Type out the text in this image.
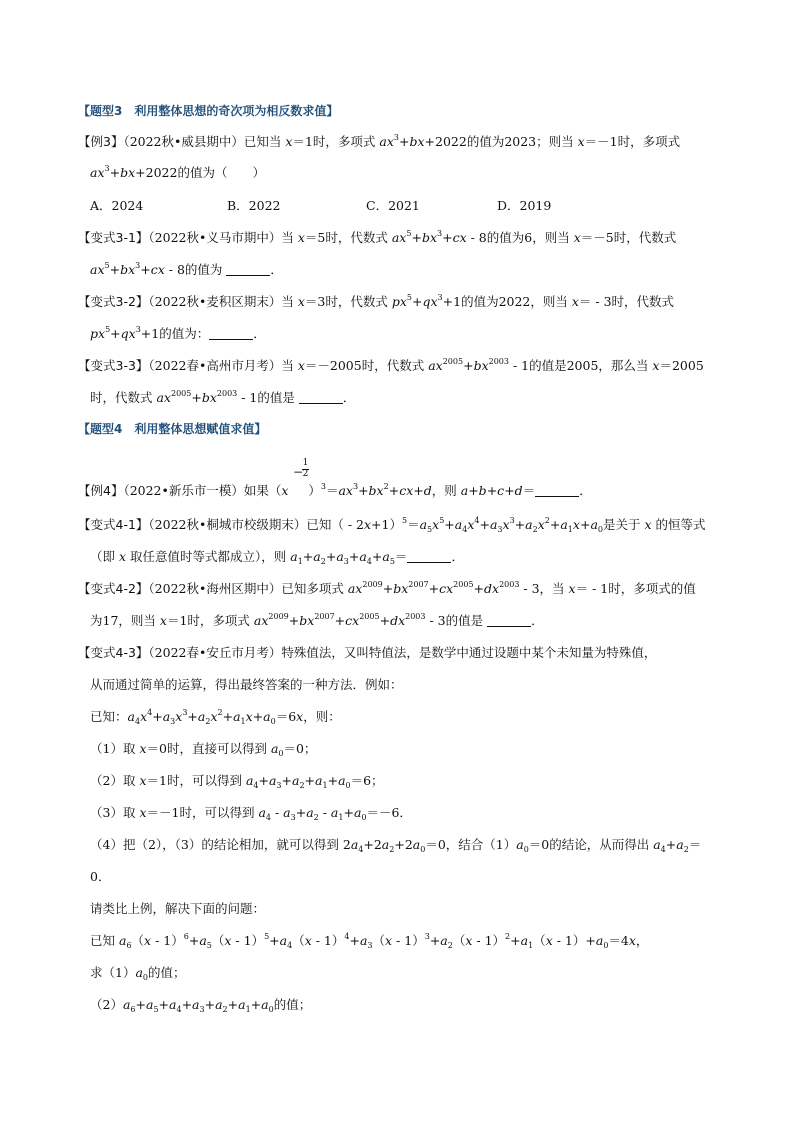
【题型3　利用整体思想的奇次项为相反数求值】
【例3】（2022秋•威县期中）已知当 x＝1时，多项式 $ax^3+bx+2022$的值为2023；则当 x＝－1时，多项式
$ax^3+bx+2022$的值为（　　）
A．2024	B．2022	C．2021	D．2019
【变式3-1】（2022秋•义马市期中）当 x＝5时，代数式 $ax^5+bx^3+cx - 8$的值为6，则当 x＝－5时，代数式
$ax^5+bx^3+cx - 8$的值为	．
【变式3-2】（2022秋•麦积区期末）当 x＝3时，代数式 $px^5+qx^3+1$的值为2022，则当 x＝ - 3时，代数式
$px^5+qx^3+1$的值为：	．
【变式3-3】（2022春•高州市月考）当 x＝－2005时，代数式 $ax^{2005}+bx^{2003} - 1$的值是2005，那么当 x＝2005
时，代数式 $ax^{2005}+bx^{2003} - 1$的值是	．
【题型4　利用整体思想赋值求值】
−
1
2
【例4】（2022•新乐市一模）如果（x     ）$^3=ax^3+bx^2+cx+d$，则 a+b+c+d＝	．
【变式4-1】（2022秋•桐城市校级期末）已知（ - $2x+1)^5=a_5x^5+a_4x^4+a_3x^3+a_2x^2+a_1x+a_0$是关于 x 的恒等式
（即 x 取任意值时等式都成立），则 $a_1+a_2+a_3+a_4+a_5=$	．
【变式4-2】（2022秋•海州区期中）已知多项式 $ax^{2009}+bx^{2007}+cx^{2005}+dx^{2003} - 3$，当 x＝ - 1时，多项式的值
为17，则当 x＝1时，多项式 $ax^{2009}+bx^{2007}+cx^{2005}+dx^{2003} - 3$的值是	．
【变式4-3】（2022春•安丘市月考）特殊值法，又叫特值法，是数学中通过设题中某个未知量为特殊值，
从而通过简单的运算，得出最终答案的一种方法．例如：
已知：$a_4x^4+a_3x^3+a_2x^2+a_1x+a_0=6x$，则：
（1）取 x＝0时，直接可以得到 $a_0=0$；
（2）取 x＝1时，可以得到 $a_4+a_3+a_2+a_1+a_0=6$；
（3）取 x＝－1时，可以得到 $a_4 - a_3+a_2 - a_1+a_0=-6$．
（4）把（2），（3）的结论相加，就可以得到 $2a_4+2a_2+2a_0=0$，结合$(1)a_0=0$的结论，从而得出 $a_4+a_2=$
0．
请类比上例，解决下面的问题：
已知 $a_6(x - 1)^6+a_5(x - 1)^5+a_4(x - 1)^4+a_3(x - 1)^3+a_2(x - 1)^2+a_1(x - 1)+a_0=4x$，
求$(1)a_0$的值；
$(2)a_6+a_5+a_4+a_3+a_2+a_1+a_0$的值；
